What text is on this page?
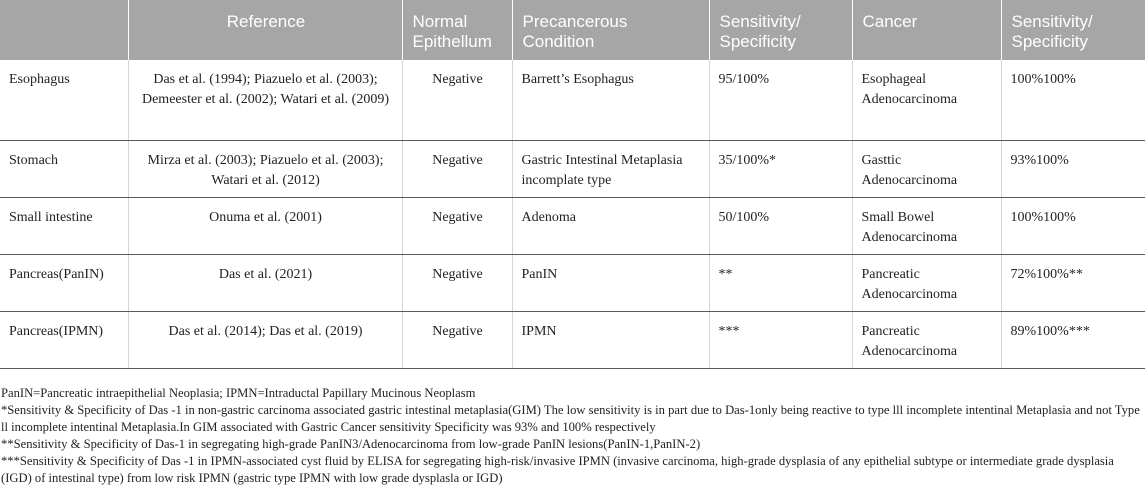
	Reference	Normal Epithellum	Precancerous Condition	Sensitivity/ Specificity	Cancer	Sensitivity/ Specificity
Esophagus	Das et al. (1994); Piazuelo et al. (2003); Demeester et al. (2002); Watari et al. (2009)	Negative	Barrett’s Esophagus	95/100%	Esophageal Adenocarcinoma	100%100%
Stomach	Mirza et al. (2003); Piazuelo et al. (2003); Watari et al. (2012)	Negative	Gastric Intestinal Metaplasia incomplate type	35/100%*	Gasttic Adenocarcinoma	93%100%
Small intestine	Onuma et al. (2001)	Negative	Adenoma	50/100%	Small Bowel Adenocarcinoma	100%100%
Pancreas(PanIN)	Das et al. (2021)	Negative	PanIN	**	Pancreatic Adenocarcinoma	72%100%**
Pancreas(IPMN)	Das et al. (2014); Das et al. (2019)	Negative	IPMN	***	Pancreatic Adenocarcinoma	89%100%***

PanIN=Pancreatic intraepithelial Neoplasia; IPMN=Intraductal Papillary Mucinous Neoplasm

*Sensitivity & Specificity of Das -1 in non-gastric carcinoma associated gastric intestinal metaplasia(GIM) The low sensitivity is in part due to Das-1only being reactive to type lll incomplete intentinal Metaplasia and not Type ll incomplete intentinal Metaplasia.In GIM associated with Gastric Cancer sensitivity Specificity was 93% and 100% respectively

**Sensitivity & Specificity of Das-1 in segregating high-grade PanIN3/Adenocarcinoma from low-grade PanIN lesions(PanIN-1,PanIN-2)

***Sensitivity & Specificity of Das -1 in IPMN-associated cyst fluid by ELISA for segregating high-risk/invasive IPMN (invasive carcinoma, high-grade dysplasia of any epithelial subtype or intermediate grade dysplasia (IGD) of intestinal type) from low risk IPMN (gastric type IPMN with low grade dysplasla or IGD)
